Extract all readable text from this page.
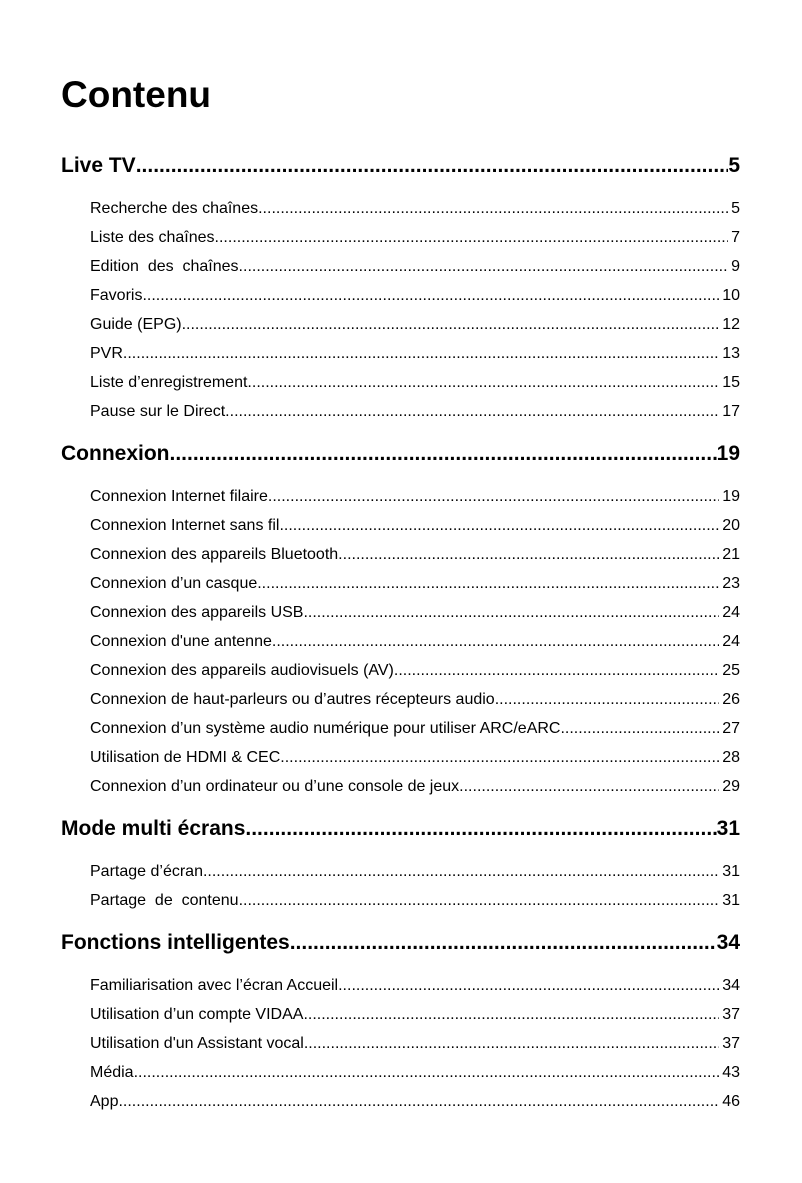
Contenu
Live TV .....	5
Recherche des chaînes .....	5
Liste des chaînes .....	7
Edition  des  chaînes .....	9
Favoris .....	10
Guide (EPG) .....	12
PVR .....	13
Liste d’enregistrement .....	15
Pause sur le Direct .....	17
Connexion .....	19
Connexion Internet filaire .....	19
Connexion Internet sans fil .....	20
Connexion des appareils Bluetooth .....	21
Connexion d’un casque .....	23
Connexion des appareils USB .....	24
Connexion d'une antenne .....	24
Connexion des appareils audiovisuels (AV) .....	25
Connexion de haut-parleurs ou d’autres récepteurs audio .....	26
Connexion d’un système audio numérique pour utiliser ARC/eARC .....	27
Utilisation de HDMI & CEC .....	28
Connexion d’un ordinateur ou d’une console de jeux .....	29
Mode multi écrans .....	31
Partage d’écran .....	31
Partage  de  contenu .....	31
Fonctions intelligentes .....	34
Familiarisation avec l’écran Accueil .....	34
Utilisation d’un compte VIDAA .....	37
Utilisation d'un Assistant vocal .....	37
Média .....	43
App .....	46
